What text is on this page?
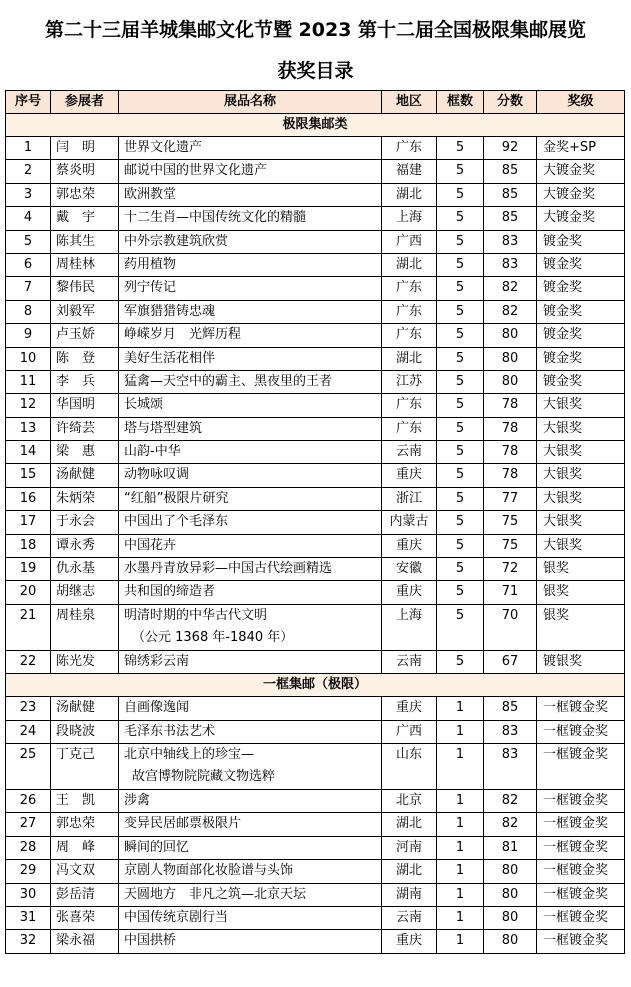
第二十三届羊城集邮文化节暨 2023 第十二届全国极限集邮展览
获奖目录
序号	参展者	展品名称	地区	框数	分数	奖级
极限集邮类						
1	闫　明	世界文化遗产	广东	5	92	金奖+SP
2	蔡炎明	邮说中国的世界文化遗产	福建	5	85	大镀金奖
3	郭忠荣	欧洲教堂	湖北	5	85	大镀金奖
4	戴　宇	十二生肖—中国传统文化的精髓	上海	5	85	大镀金奖
5	陈其生	中外宗教建筑欣赏	广西	5	83	镀金奖
6	周桂林	药用植物	湖北	5	83	镀金奖
7	黎伟民	列宁传记	广东	5	82	镀金奖
8	刘毅军	军旗猎猎铸忠魂	广东	5	82	镀金奖
9	卢玉娇	峥嵘岁月　光辉历程	广东	5	80	镀金奖
10	陈　登	美好生活花相伴	湖北	5	80	镀金奖
11	李　兵	猛禽—天空中的霸主、黑夜里的王者	江苏	5	80	镀金奖
12	华国明	长城颂	广东	5	78	大银奖
13	许绮芸	塔与塔型建筑	广东	5	78	大银奖
14	梁　惠	山韵-中华	云南	5	78	大银奖
15	汤献健	动物咏叹调	重庆	5	78	大银奖
16	朱炳荣	“红船”极限片研究	浙江	5	77	大银奖
17	于永会	中国出了个毛泽东	内蒙古	5	75	大银奖
18	谭永秀	中国花卉	重庆	5	75	大银奖
19	仇永基	水墨丹青放异彩—中国古代绘画精选	安徽	5	72	银奖
20	胡继志	共和国的缔造者	重庆	5	71	银奖
21	周桂泉	明清时期的中华古代文明
（公元 1368 年-1840 年）	上海	5	70	银奖
22	陈光发	锦绣彩云南	云南	5	67	镀银奖
一框集邮（极限）						
23	汤献健	自画像逸闻	重庆	1	85	一框镀金奖
24	段晓波	毛泽东书法艺术	广西	1	83	一框镀金奖
25	丁克己	北京中轴线上的珍宝—
故宫博物院院藏文物选粹	山东	1	83	一框镀金奖
26	王　凯	涉禽	北京	1	82	一框镀金奖
27	郭忠荣	变异民居邮票极限片	湖北	1	82	一框镀金奖
28	周　峰	瞬间的回忆	河南	1	81	一框镀金奖
29	冯文双	京剧人物面部化妆脸谱与头饰	湖北	1	80	一框镀金奖
30	彭岳清	天圆地方　非凡之筑—北京天坛	湖南	1	80	一框镀金奖
31	张喜荣	中国传统京剧行当	云南	1	80	一框镀金奖
32	梁永福	中国拱桥	重庆	1	80	一框镀金奖
